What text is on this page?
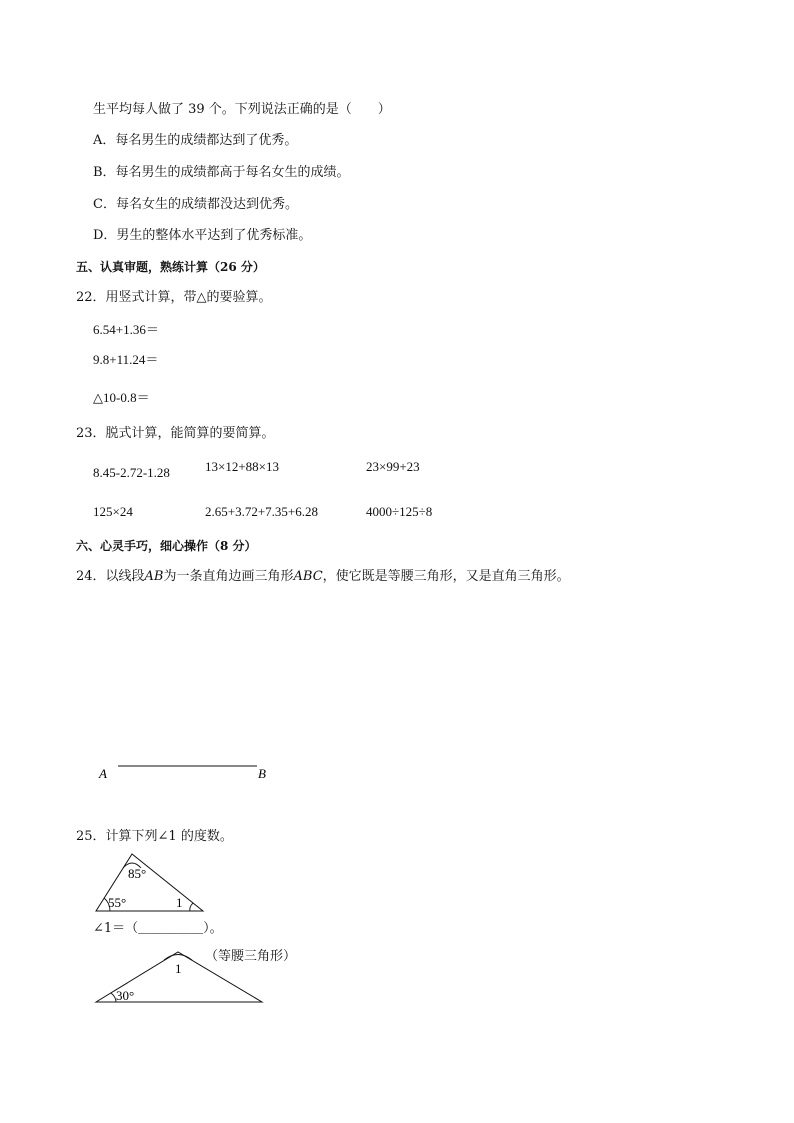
生平均每人做了 39 个。下列说法正确的是（　　）
A．每名男生的成绩都达到了优秀。
B．每名男生的成绩都高于每名女生的成绩。
C．每名女生的成绩都没达到优秀。
D．男生的整体水平达到了优秀标准。
五、认真审题，熟练计算（26 分）
22．用竖式计算，带△的要验算。
6.54+1.36＝
9.8+11.24＝
△10-0.8＝
23．脱式计算，能简算的要简算。
8.45-2.72-1.28	13×12+88×13	23×99+23
125×24	2.65+3.72+7.35+6.28	4000÷125÷8
六、心灵手巧，细心操作（8 分）
24．以线段AB为一条直角边画三角形ABC，使它既是等腰三角形，又是直角三角形。
A	B
25．计算下列∠1 的度数。
85°
55°	1
∠1＝（＿＿＿＿＿）。
1
30°
（等腰三角形）
